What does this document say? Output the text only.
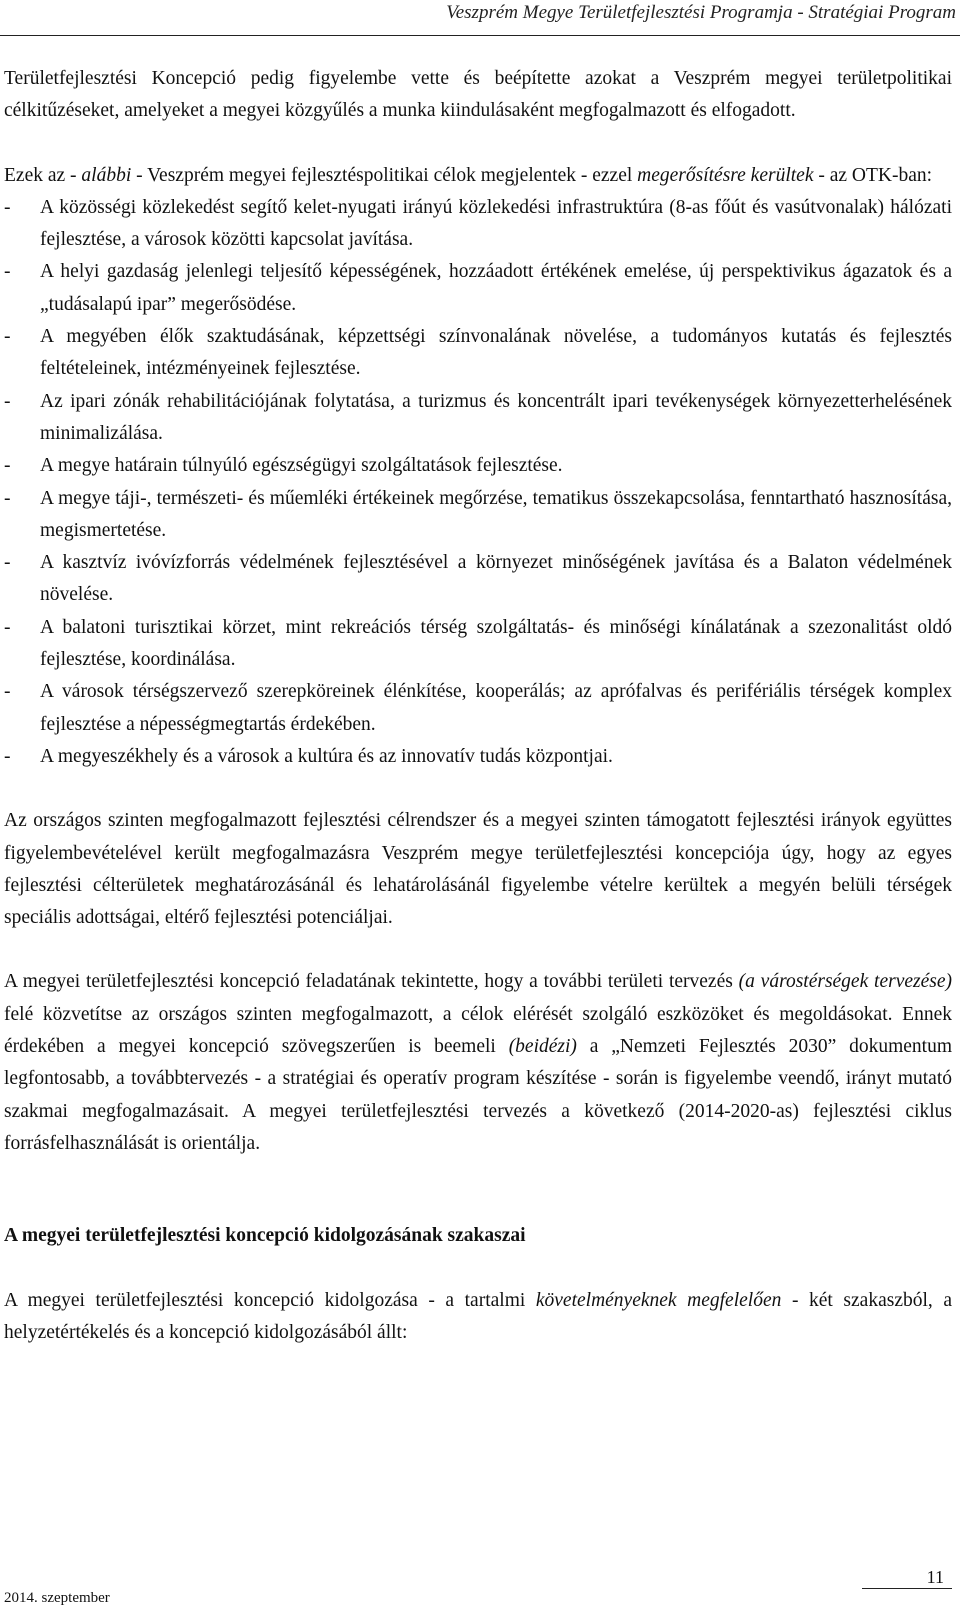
Veszprém Megye Területfejlesztési Programja - Stratégiai Program

Területfejlesztési Koncepció pedig figyelembe vette és beépítette azokat a Veszprém megyei területpolitikai célkitűzéseket, amelyeket a megyei közgyűlés a munka kiindulásaként megfogalmazott és elfogadott.

Ezek az - alábbi - Veszprém megyei fejlesztéspolitikai célok megjelentek - ezzel megerősítésre kerültek - az OTK-ban:

- A közösségi közlekedést segítő kelet-nyugati irányú közlekedési infrastruktúra (8-as főút és vasútvonalak) hálózati fejlesztése, a városok közötti kapcsolat javítása.
- A helyi gazdaság jelenlegi teljesítő képességének, hozzáadott értékének emelése, új perspektivikus ágazatok és a „tudásalapú ipar” megerősödése.
- A megyében élők szaktudásának, képzettségi színvonalának növelése, a tudományos kutatás és fejlesztés feltételeinek, intézményeinek fejlesztése.
- Az ipari zónák rehabilitációjának folytatása, a turizmus és koncentrált ipari tevékenységek környezetterhelésének minimalizálása.
- A megye határain túlnyúló egészségügyi szolgáltatások fejlesztése.
- A megye táji-, természeti- és műemléki értékeinek megőrzése, tematikus összekapcsolása, fenntartható hasznosítása, megismertetése.
- A kasztvíz ivóvízforrás védelmének fejlesztésével a környezet minőségének javítása és a Balaton védelmének növelése.
- A balatoni turisztikai körzet, mint rekreációs térség szolgáltatás- és minőségi kínálatának a szezonalitást oldó fejlesztése, koordinálása.
- A városok térségszervező szerepköreinek élénkítése, kooperálás; az aprófalvas és perifériális térségek komplex fejlesztése a népességmegtartás érdekében.
- A megyeszékhely és a városok a kultúra és az innovatív tudás központjai.

Az országos szinten megfogalmazott fejlesztési célrendszer és a megyei szinten támogatott fejlesztési irányok együttes figyelembevételével került megfogalmazásra Veszprém megye területfejlesztési koncepciója úgy, hogy az egyes fejlesztési célterületek meghatározásánál és lehatárolásánál figyelembe vételre kerültek a megyén belüli térségek speciális adottságai, eltérő fejlesztési potenciáljai.

A megyei területfejlesztési koncepció feladatának tekintette, hogy a további területi tervezés (a várostérségek tervezése) felé közvetítse az országos szinten megfogalmazott, a célok elérését szolgáló eszközöket és megoldásokat. Ennek érdekében a megyei koncepció szövegszerűen is beemeli (beidézi) a „Nemzeti Fejlesztés 2030” dokumentum legfontosabb, a továbbtervezés - a stratégiai és operatív program készítése - során is figyelembe veendő, irányt mutató szakmai megfogalmazásait. A megyei területfejlesztési tervezés a következő (2014-2020-as) fejlesztési ciklus forrásfelhasználását is orientálja.

A megyei területfejlesztési koncepció kidolgozásának szakaszai

A megyei területfejlesztési koncepció kidolgozása - a tartalmi követelményeknek megfelelően - két szakaszból, a helyzetértékelés és a koncepció kidolgozásából állt:

11
2014. szeptember
